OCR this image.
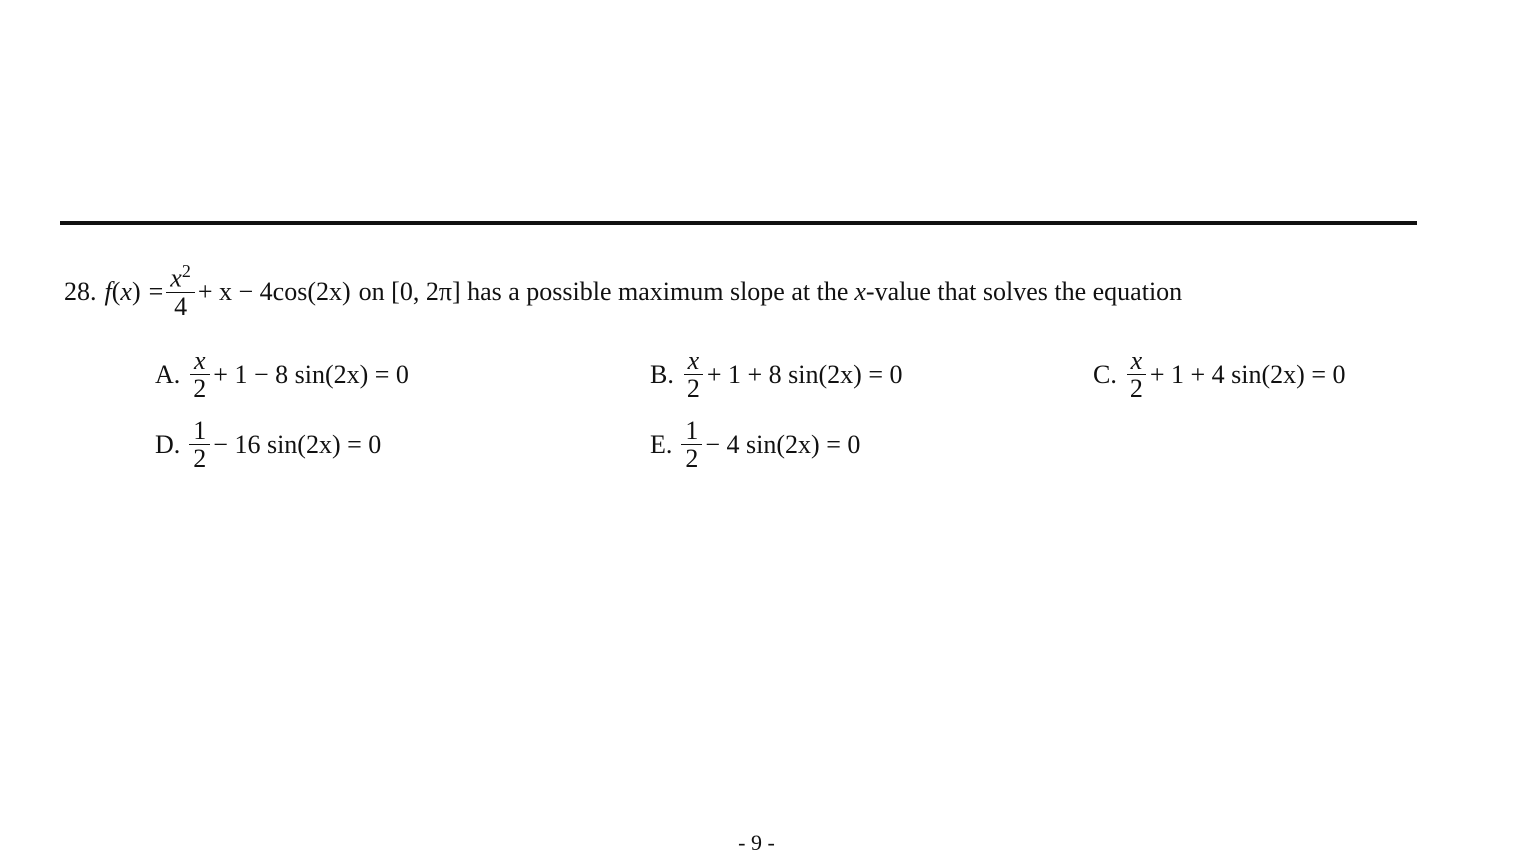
28. f ( x ) = $\frac{x^2}{4} + x - 4\cos(2x)$ on [0, 2π] has a possible maximum slope at the x -value that solves the equation
A. $\frac{x}{2} + 1 - 8$ sin(2x) = 0	B. $\frac{x}{2} + 1 + 8$ sin(2x) = 0	C. $\frac{x}{2} + 1 + 4$ sin(2x) = 0
D. $\frac{1}{2} - 16$ sin(2x) = 0	E. $\frac{1}{2} - 4$ sin(2x) = 0
- 9 -
